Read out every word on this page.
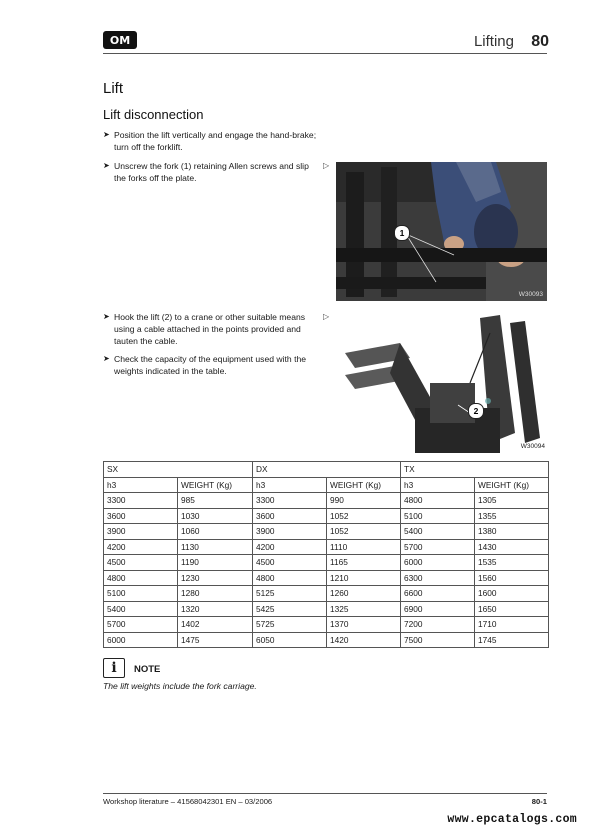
OM	Lifting 80
Lift
Lift disconnection
➤ Position the lift vertically and engage the hand-brake; turn off the forklift.
➤ Unscrew the fork (1) retaining Allen screws and slip the forks off the plate.
▷
➤ Hook the lift (2) to a crane or other suitable means using a cable attached in the points provided and tauten the cable.
➤ Check the capacity of the equipment used with the weights indicated in the table.
▷
1
W30093
2
W30094
SX		DX		TX	
h3	WEIGHT (Kg)	h3	WEIGHT (Kg)	h3	WEIGHT (Kg)
3300	985	3300	990	4800	1305
3600	1030	3600	1052	5100	1355
3900	1060	3900	1052	5400	1380
4200	1130	4200	1110	5700	1430
4500	1190	4500	1165	6000	1535
4800	1230	4800	1210	6300	1560
5100	1280	5125	1260	6600	1600
5400	1320	5425	1325	6900	1650
5700	1402	5725	1370	7200	1710
6000	1475	6050	1420	7500	1745
i	NOTE
The lift weights include the fork carriage.
Workshop literature – 41568042301 EN – 03/2006	80-1
www.epcatalogs.com
